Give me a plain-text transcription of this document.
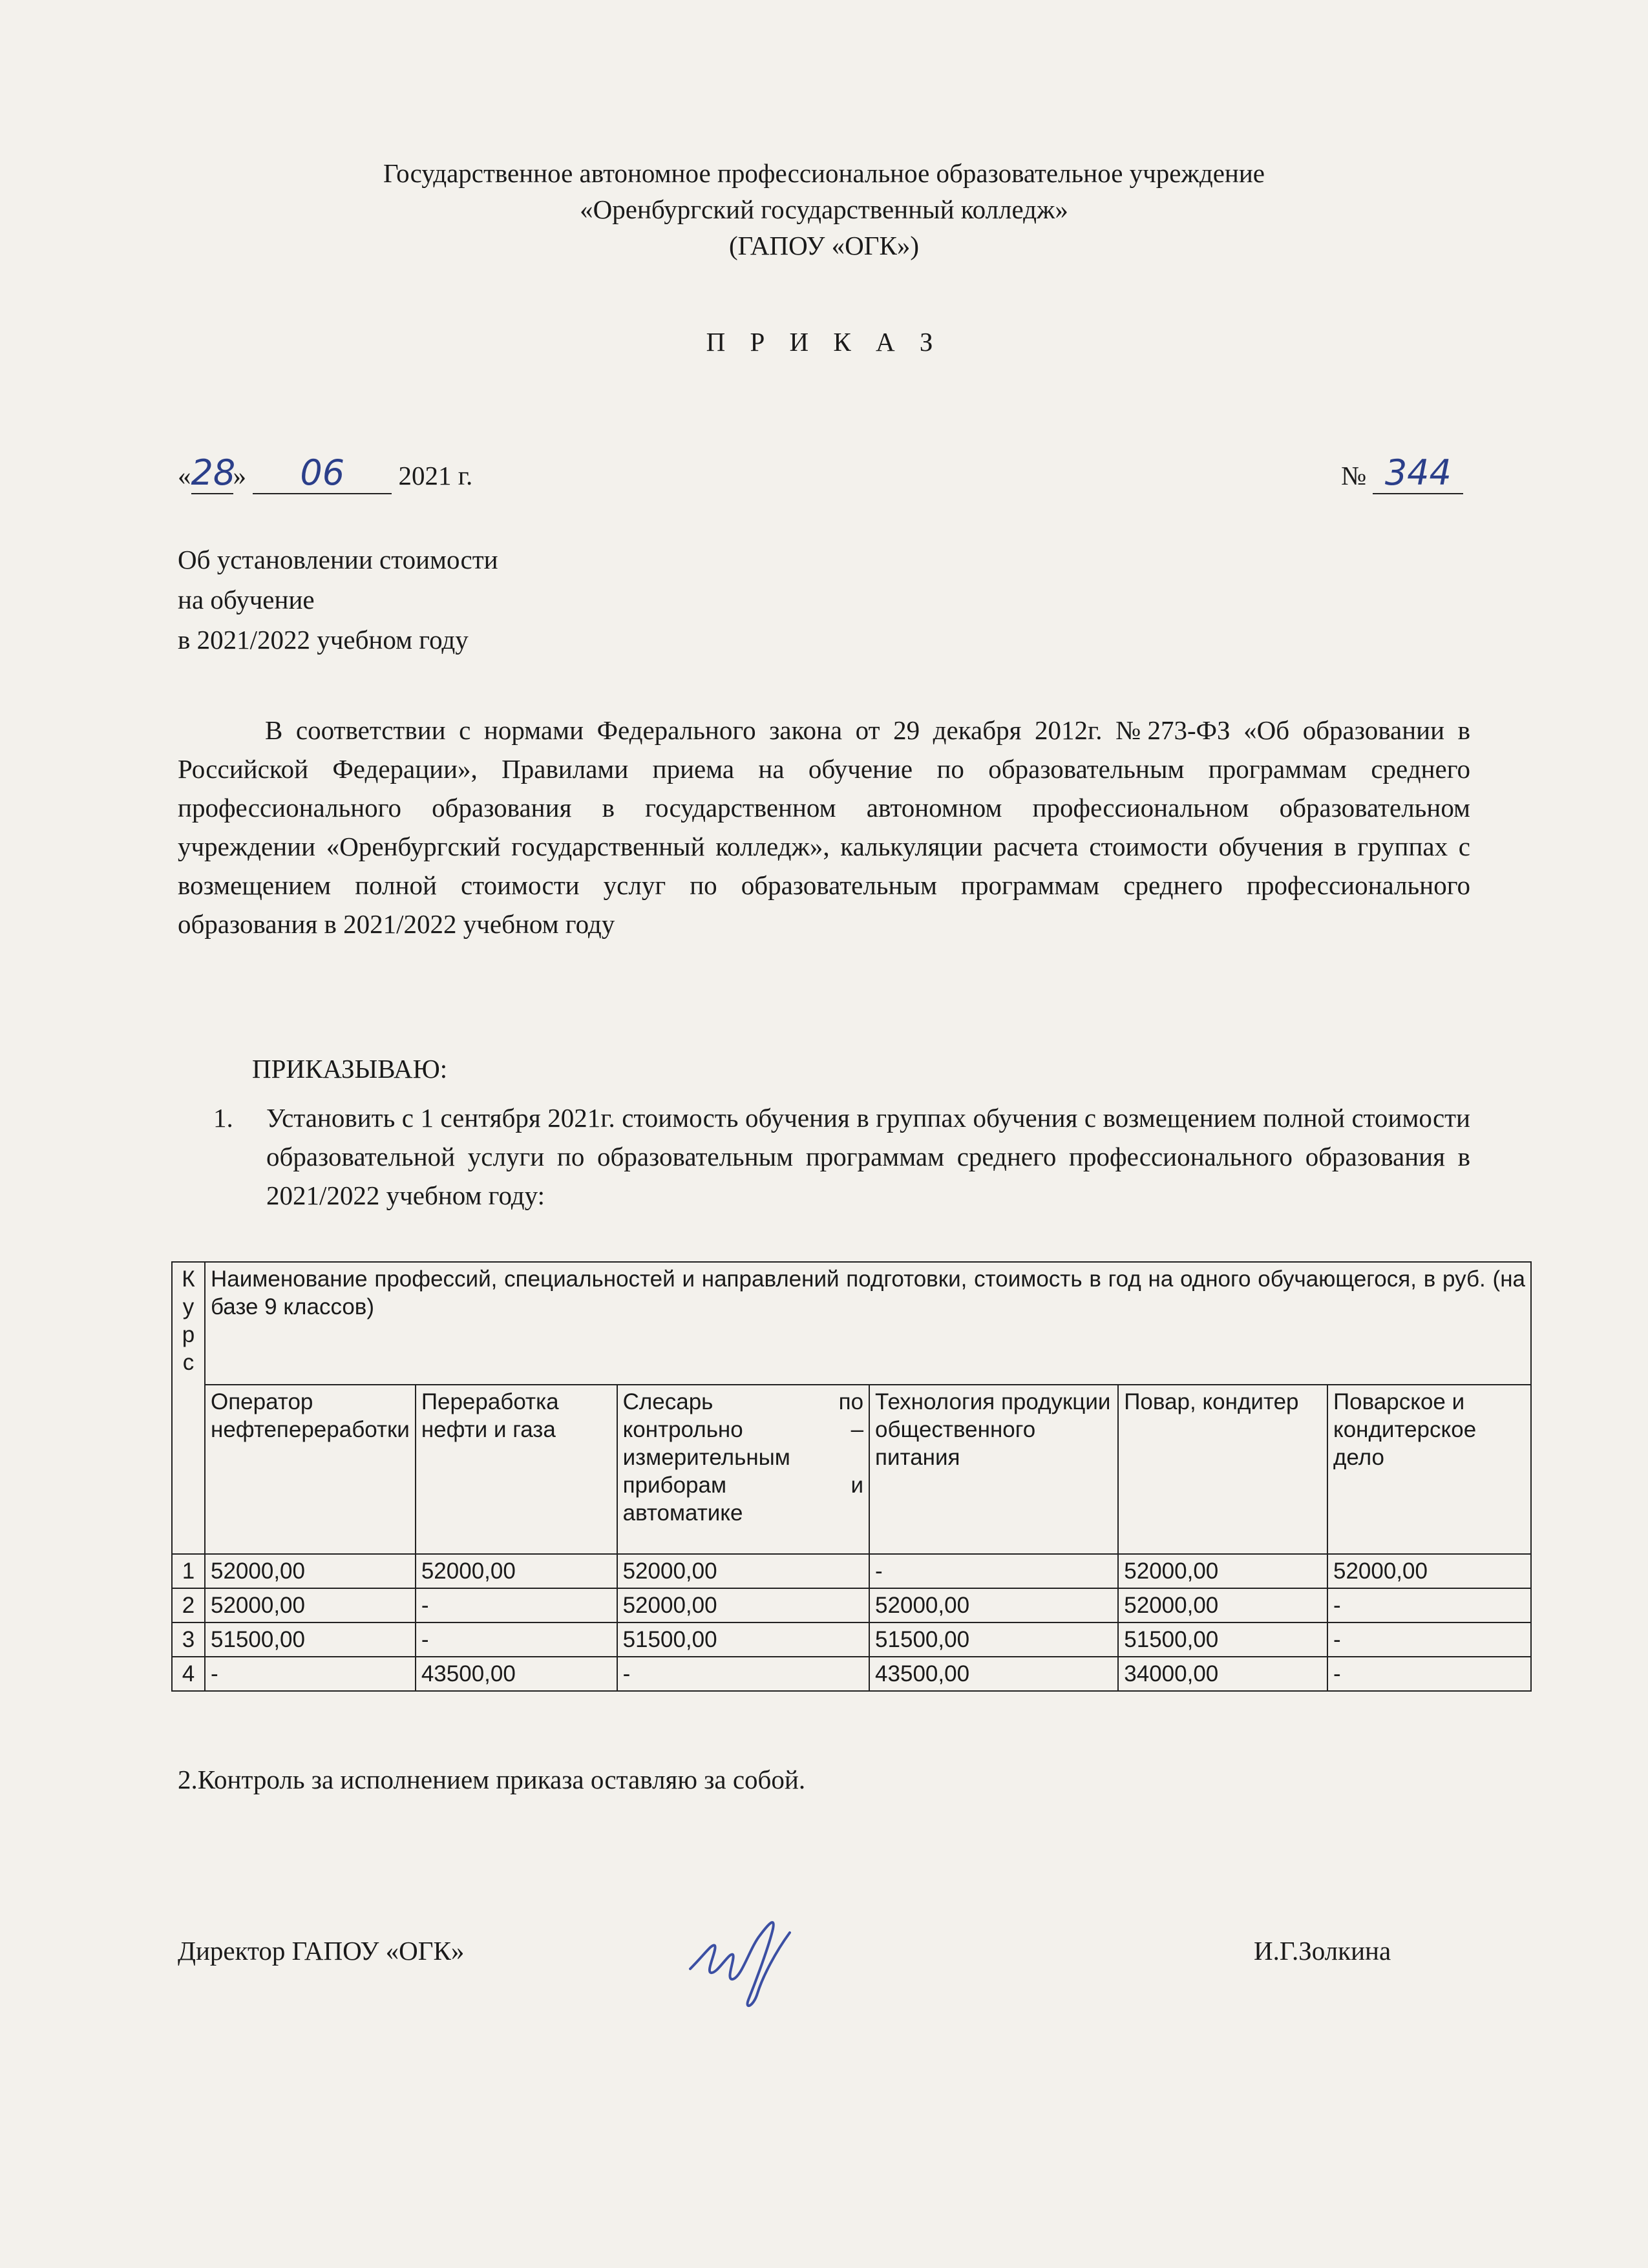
Государственное автономное профессиональное образовательное учреждение
«Оренбургский государственный колледж»
(ГАПОУ «ОГК»)
П Р И К А З
«28» 06 2021 г.	№ 344
Об установлении стоимости
на обучение
в 2021/2022 учебном году
В соответствии с нормами Федерального закона от 29 декабря 2012г. №273-ФЗ «Об образовании в Российской Федерации», Правилами приема на обучение по образовательным программам среднего профессионального образования в государственном автономном профессиональном образовательном учреждении «Оренбургский государственный колледж», калькуляции расчета стоимости обучения в группах с возмещением полной стоимости услуг по образовательным программам среднего профессионального образования в 2021/2022 учебном году
ПРИКАЗЫВАЮ:
1. Установить с 1 сентября 2021г. стоимость обучения в группах обучения с возмещением полной стоимости образовательной услуги по образовательным программам среднего профессионального образования в 2021/2022 учебном году:
К
у
р
с	Наименование профессий, специальностей и направлений подготовки, стоимость в год на одного обучающегося, в руб. (на базе 9 классов)					
	Оператор нефтепереработки	Переработка нефти и газа	Слесарь по контрольно – измерительным приборам и автоматике	Технология продукции общественного питания	Повар, кондитер	Поварское и кондитерское дело
1	52000,00	52000,00	52000,00	-	52000,00	52000,00
2	52000,00	-	52000,00	52000,00	52000,00	-
3	51500,00	-	51500,00	51500,00	51500,00	-
4	-	43500,00	-	43500,00	34000,00	-
2.Контроль за исполнением приказа оставляю за собой.
Директор ГАПОУ «ОГК»	И.Г.Золкина
